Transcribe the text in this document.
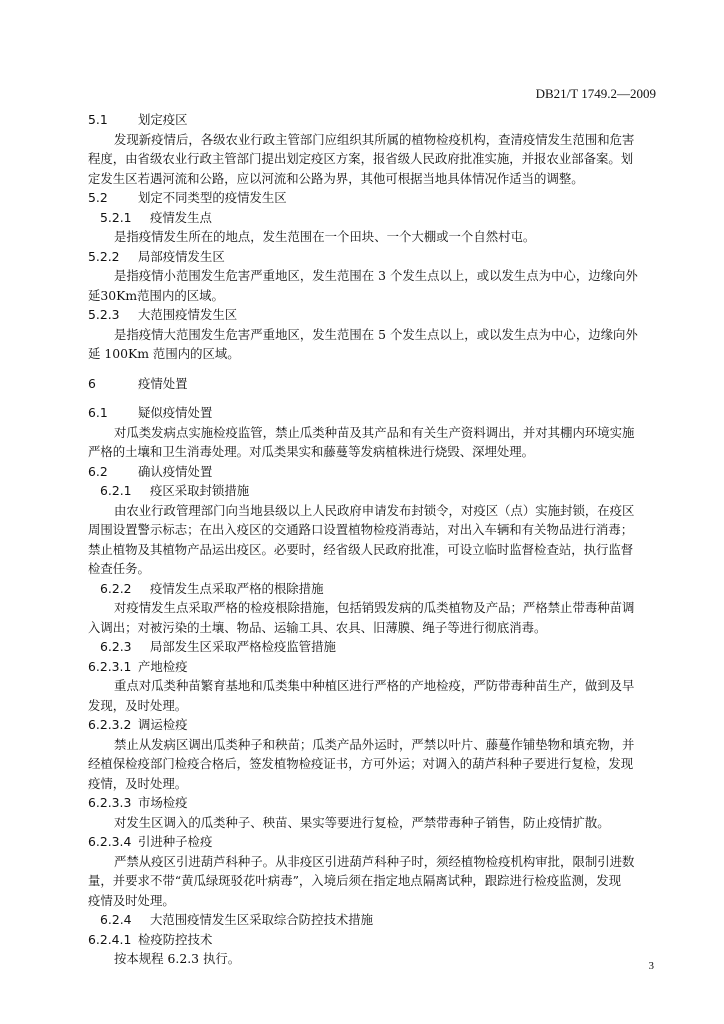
DB21/T 1749.2—2009
5.1 划定疫区
发现新疫情后，各级农业行政主管部门应组织其所属的植物检疫机构，查清疫情发生范围和危害
程度，由省级农业行政主管部门提出划定疫区方案，报省级人民政府批准实施，并报农业部备案。划
定发生区若遇河流和公路，应以河流和公路为界，其他可根据当地具体情况作适当的调整。
5.2 划定不同类型的疫情发生区
5.2.1 疫情发生点
是指疫情发生所在的地点，发生范围在一个田块、一个大棚或一个自然村屯。
5.2.2 局部疫情发生区
是指疫情小范围发生危害严重地区，发生范围在 3 个发生点以上，或以发生点为中心，边缘向外
延30Km范围内的区域。
5.2.3 大范围疫情发生区
是指疫情大范围发生危害严重地区，发生范围在 5 个发生点以上，或以发生点为中心，边缘向外
延 100Km 范围内的区域。
6	疫情处置
6.1 疑似疫情处置
对瓜类发病点实施检疫监管，禁止瓜类种苗及其产品和有关生产资料调出，并对其棚内环境实施
严格的土壤和卫生消毒处理。对瓜类果实和藤蔓等发病植株进行烧毁、深埋处理。
6.2 确认疫情处置
6.2.1 疫区采取封锁措施
由农业行政管理部门向当地县级以上人民政府申请发布封锁令，对疫区（点）实施封锁，在疫区
周围设置警示标志；在出入疫区的交通路口设置植物检疫消毒站，对出入车辆和有关物品进行消毒；
禁止植物及其植物产品运出疫区。必要时，经省级人民政府批准，可设立临时监督检查站，执行监督
检查任务。
6.2.2 疫情发生点采取严格的根除措施
对疫情发生点采取严格的检疫根除措施，包括销毁发病的瓜类植物及产品；严格禁止带毒种苗调
入调出；对被污染的土壤、物品、运输工具、农具、旧薄膜、绳子等进行彻底消毒。
6.2.3 局部发生区采取严格检疫监管措施
6.2.3.1 产地检疫
重点对瓜类种苗繁育基地和瓜类集中种植区进行严格的产地检疫，严防带毒种苗生产，做到及早
发现，及时处理。
6.2.3.2 调运检疫
禁止从发病区调出瓜类种子和秧苗；瓜类产品外运时，严禁以叶片、藤蔓作铺垫物和填充物，并
经植保检疫部门检疫合格后，签发植物检疫证书，方可外运；对调入的葫芦科种子要进行复检，发现
疫情，及时处理。
6.2.3.3 市场检疫
对发生区调入的瓜类种子、秧苗、果实等要进行复检，严禁带毒种子销售，防止疫情扩散。
6.2.3.4 引进种子检疫
严禁从疫区引进葫芦科种子。从非疫区引进葫芦科种子时，须经植物检疫机构审批，限制引进数
量，并要求不带“黄瓜绿斑驳花叶病毒”，入境后须在指定地点隔离试种，跟踪进行检疫监测，发现
疫情及时处理。
6.2.4 大范围疫情发生区采取综合防控技术措施
6.2.4.1 检疫防控技术
按本规程 6.2.3 执行。	3
